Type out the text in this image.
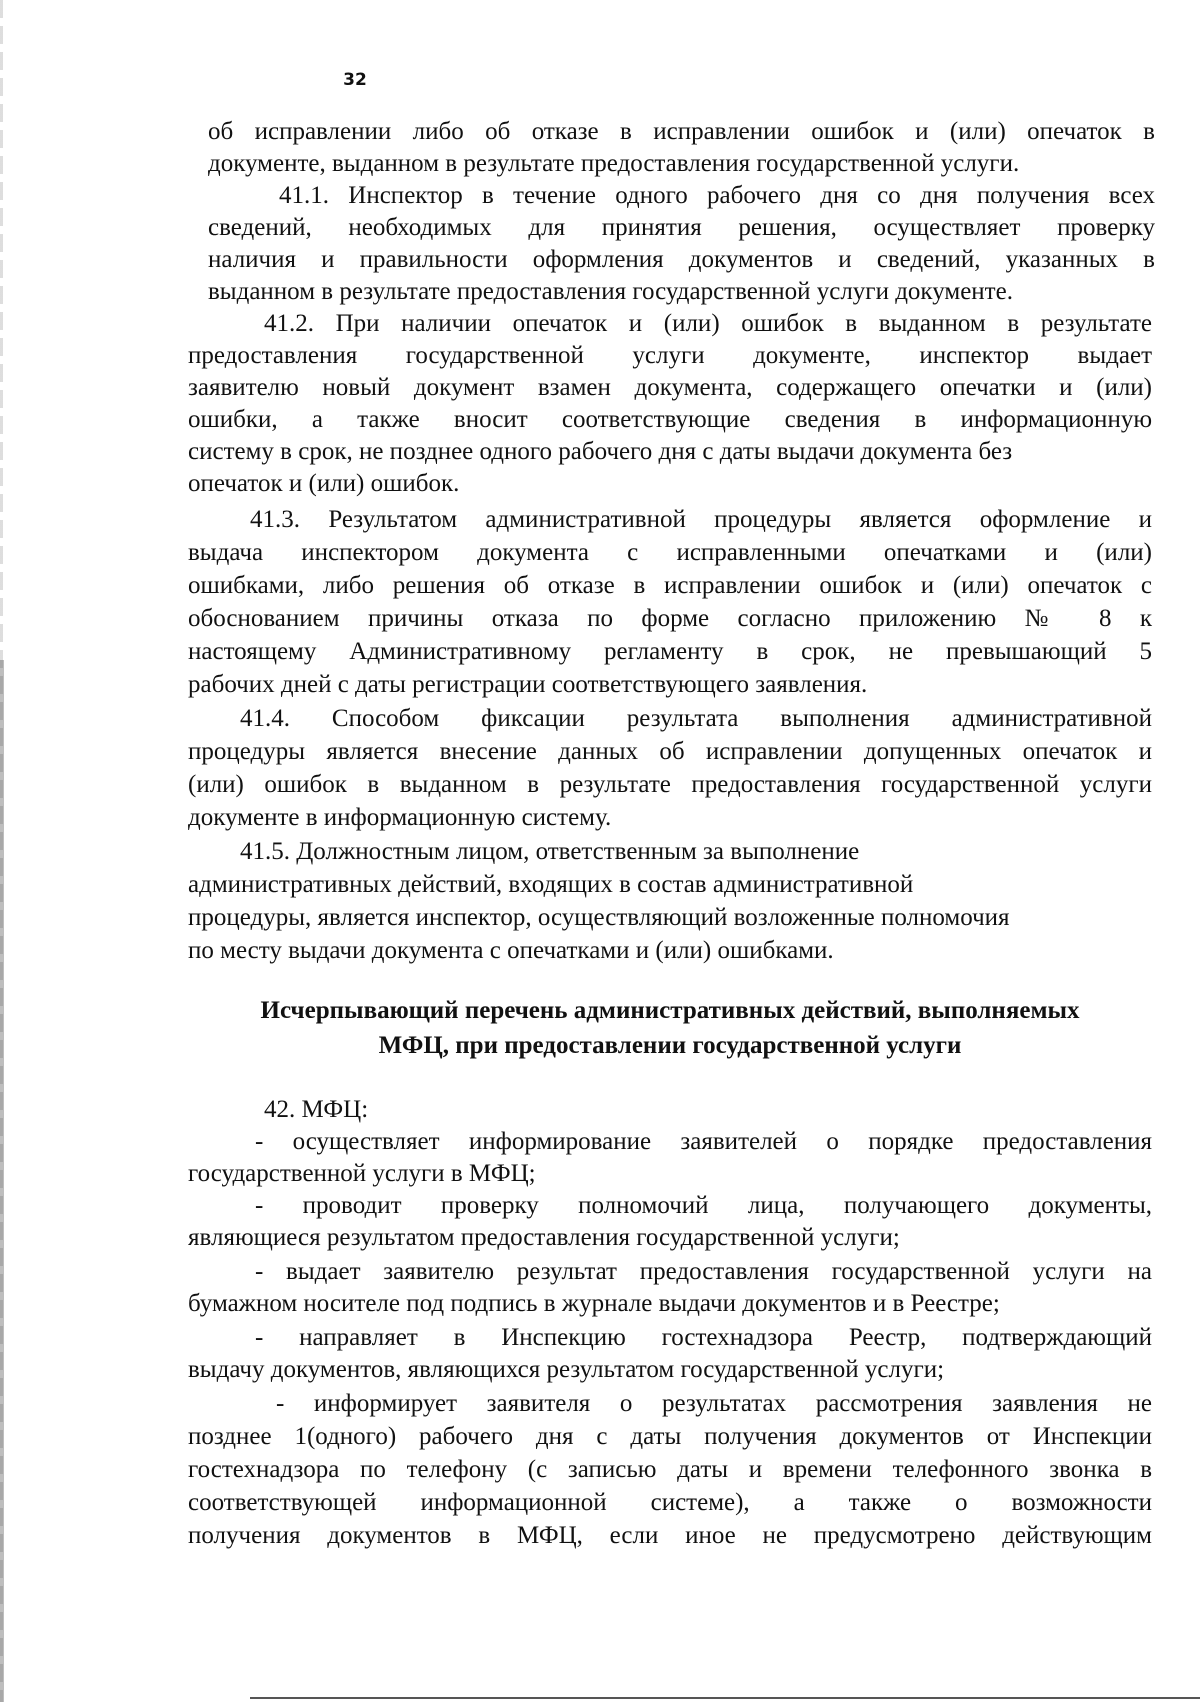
32
об исправлении либо об отказе в исправлении ошибок и (или) опечаток в
документе, выданном в результате предоставления государственной услуги.
41.1. Инспектор в течение одного рабочего дня со дня получения всех
сведений, необходимых для принятия решения, осуществляет проверку
наличия и правильности оформления документов и сведений, указанных в
выданном в результате предоставления государственной услуги документе.
41.2. При наличии опечаток и (или) ошибок в выданном в результате
предоставления государственной услуги документе, инспектор выдает
заявителю новый документ взамен документа, содержащего опечатки и (или)
ошибки, а также вносит соответствующие сведения в информационную
систему в срок, не позднее одного рабочего дня с даты выдачи документа без
опечаток и (или) ошибок.
41.3. Результатом административной процедуры является оформление и
выдача инспектором документа с исправленными опечатками и (или)
ошибками, либо решения об отказе в исправлении ошибок и (или) опечаток с
обоснованием причины отказа по форме согласно приложению № 8 к
настоящему Административному регламенту в срок, не превышающий 5
рабочих дней с даты регистрации соответствующего заявления.
41.4. Способом фиксации результата выполнения административной
процедуры является внесение данных об исправлении допущенных опечаток и
(или) ошибок в выданном в результате предоставления государственной услуги
документе в информационную систему.
41.5. Должностным лицом, ответственным за выполнение
административных действий, входящих в состав административной
процедуры, является инспектор, осуществляющий возложенные полномочия
по месту выдачи документа с опечатками и (или) ошибками.
Исчерпывающий перечень административных действий, выполняемых
МФЦ, при предоставлении государственной услуги
42. МФЦ:
- осуществляет информирование заявителей о порядке предоставления
государственной услуги в МФЦ;
- проводит проверку полномочий лица, получающего документы,
являющиеся результатом предоставления государственной услуги;
- выдает заявителю результат предоставления государственной услуги на
бумажном носителе под подпись в журнале выдачи документов и в Реестре;
- направляет в Инспекцию гостехнадзора Реестр, подтверждающий
выдачу документов, являющихся результатом государственной услуги;
- информирует заявителя о результатах рассмотрения заявления не
позднее 1(одного) рабочего дня с даты получения документов от Инспекции
гостехнадзора по телефону (с записью даты и времени телефонного звонка в
соответствующей информационной системе), а также о возможности
получения документов в МФЦ, если иное не предусмотрено действующим
